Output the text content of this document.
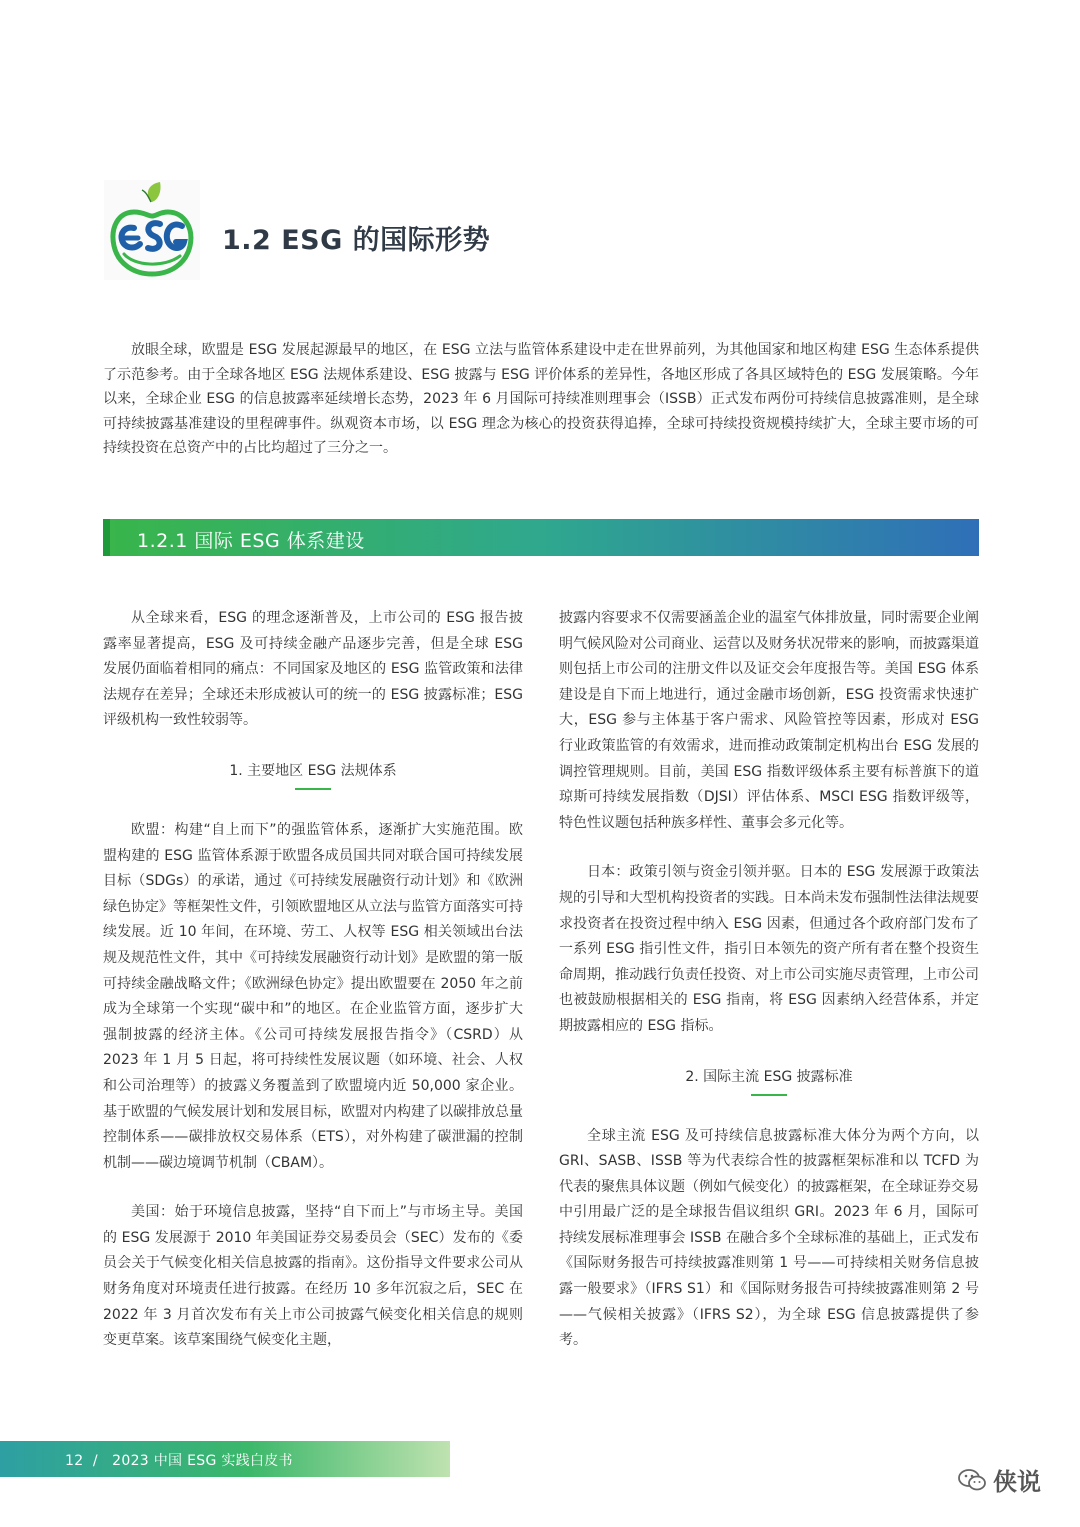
1.2 ESG 的国际形势

放眼全球，欧盟是 ESG 发展起源最早的地区，在 ESG 立法与监管体系建设中走在世界前列，为其他国家和地区构建 ESG 生态体系提供了示范参考。由于全球各地区 ESG 法规体系建设、ESG 披露与 ESG 评价体系的差异性，各地区形成了各具区域特色的 ESG 发展策略。今年以来，全球企业 ESG 的信息披露率延续增长态势，2023 年 6 月国际可持续准则理事会（ISSB）正式发布两份可持续信息披露准则，是全球可持续披露基准建设的里程碑事件。纵观资本市场，以 ESG 理念为核心的投资获得追捧，全球可持续投资规模持续扩大，全球主要市场的可持续投资在总资产中的占比均超过了三分之一。

1.2.1 国际 ESG 体系建设

从全球来看，ESG 的理念逐渐普及，上市公司的 ESG 报告披露率显著提高，ESG 及可持续金融产品逐步完善，但是全球 ESG 发展仍面临着相同的痛点：不同国家及地区的 ESG 监管政策和法律法规存在差异；全球还未形成被认可的统一的 ESG 披露标准；ESG 评级机构一致性较弱等。

1. 主要地区 ESG 法规体系

欧盟：构建“自上而下”的强监管体系，逐渐扩大实施范围。欧盟构建的 ESG 监管体系源于欧盟各成员国共同对联合国可持续发展目标（SDGs）的承诺，通过《可持续发展融资行动计划》和《欧洲绿色协定》等框架性文件，引领欧盟地区从立法与监管方面落实可持续发展。近 10 年间，在环境、劳工、人权等 ESG 相关领域出台法规及规范性文件，其中《可持续发展融资行动计划》是欧盟的第一版可持续金融战略文件；《欧洲绿色协定》提出欧盟要在 2050 年之前成为全球第一个实现“碳中和”的地区。在企业监管方面，逐步扩大强制披露的经济主体。《公司可持续发展报告指令》（CSRD）从 2023 年 1 月 5 日起，将可持续性发展议题（如环境、社会、人权和公司治理等）的披露义务覆盖到了欧盟境内近 50,000 家企业。基于欧盟的气候发展计划和发展目标，欧盟对内构建了以碳排放总量控制体系——碳排放权交易体系（ETS），对外构建了碳泄漏的控制机制——碳边境调节机制（CBAM）。

美国：始于环境信息披露，坚持“自下而上”与市场主导。美国的 ESG 发展源于 2010 年美国证券交易委员会（SEC）发布的《委员会关于气候变化相关信息披露的指南》。这份指导文件要求公司从财务角度对环境责任进行披露。在经历 10 多年沉寂之后，SEC 在 2022 年 3 月首次发布有关上市公司披露气候变化相关信息的规则变更草案。该草案围绕气候变化主题，

披露内容要求不仅需要涵盖企业的温室气体排放量，同时需要企业阐明气候风险对公司商业、运营以及财务状况带来的影响，而披露渠道则包括上市公司的注册文件以及证交会年度报告等。美国 ESG 体系建设是自下而上地进行，通过金融市场创新，ESG 投资需求快速扩大，ESG 参与主体基于客户需求、风险管控等因素，形成对 ESG 行业政策监管的有效需求，进而推动政策制定机构出台 ESG 发展的调控管理规则。目前，美国 ESG 指数评级体系主要有标普旗下的道琼斯可持续发展指数（DJSI）评估体系、MSCI ESG 指数评级等，特色性议题包括种族多样性、董事会多元化等。

日本：政策引领与资金引领并驱。日本的 ESG 发展源于政策法规的引导和大型机构投资者的实践。日本尚未发布强制性法律法规要求投资者在投资过程中纳入 ESG 因素，但通过各个政府部门发布了一系列 ESG 指引性文件，指引日本领先的资产所有者在整个投资生命周期，推动践行负责任投资、对上市公司实施尽责管理，上市公司也被鼓励根据相关的 ESG 指南，将 ESG 因素纳入经营体系，并定期披露相应的 ESG 指标。

2. 国际主流 ESG 披露标准

全球主流 ESG 及可持续信息披露标准大体分为两个方向，以 GRI、SASB、ISSB 等为代表综合性的披露框架标准和以 TCFD 为代表的聚焦具体议题（例如气候变化）的披露框架，在全球证券交易中引用最广泛的是全球报告倡议组织 GRI。2023 年 6 月，国际可持续发展标准理事会 ISSB 在融合多个全球标准的基础上，正式发布《国际财务报告可持续披露准则第 1 号——可持续相关财务信息披露一般要求》（IFRS S1）和《国际财务报告可持续披露准则第 2 号——气候相关披露》（IFRS S2），为全球 ESG 信息披露提供了参考。

12  /   2023 中国 ESG 实践白皮书
侠说
